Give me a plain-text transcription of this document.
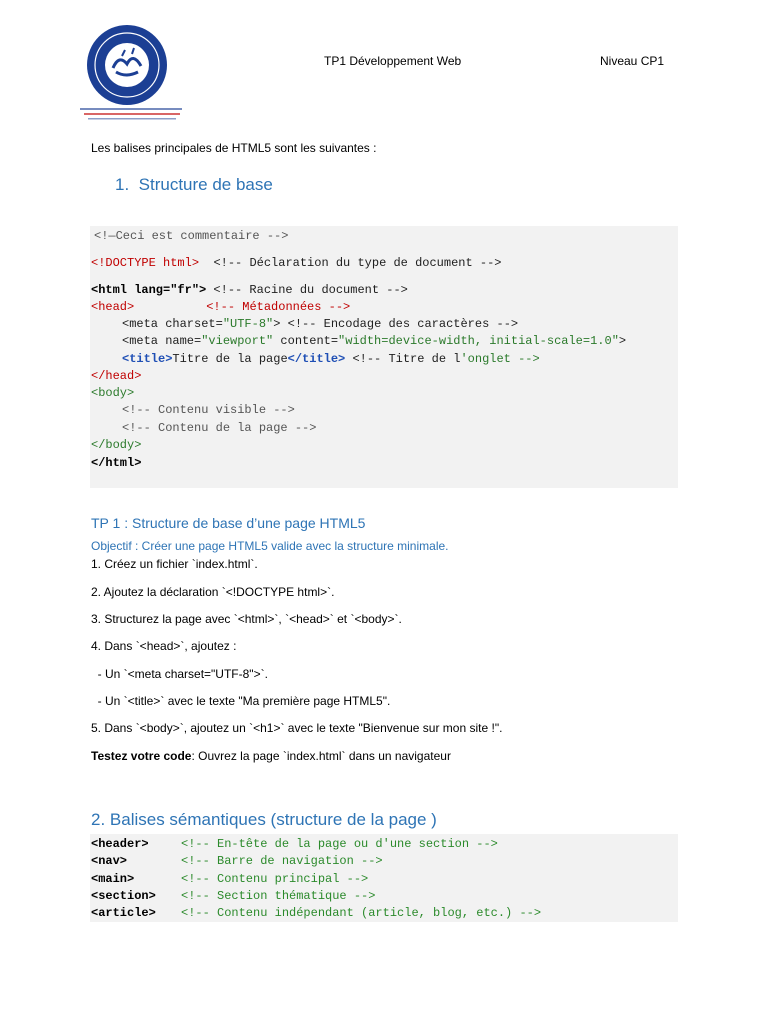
TP1 Développement Web	Niveau CP1
Les balises principales de HTML5 sont les suivantes :
1. Structure de base
<!—Ceci est commentaire -->
<!DOCTYPE html> <!-- Déclaration du type de document -->
<html lang="fr"> <!-- Racine du document -->
<head>	<!-- Métadonnées -->
<meta charset="UTF-8"> <!-- Encodage des caractères -->
<meta name="viewport" content="width=device-width, initial-scale=1.0">
<title>Titre de la page</title> <!-- Titre de l'onglet -->
</head>
<body>
<!-- Contenu visible -->
<!-- Contenu de la page -->
</body>
</html>
TP 1 : Structure de base d’une page HTML5
Objectif : Créer une page HTML5 valide avec la structure minimale.
1. Créez un fichier `index.html`.
2. Ajoutez la déclaration `<!DOCTYPE html>`.
3. Structurez la page avec `<html>`, `<head>` et `<body>`.
4. Dans `<head>`, ajoutez :
- Un `<meta charset="UTF-8">`.
- Un `<title>` avec le texte "Ma première page HTML5".
5. Dans `<body>`, ajoutez un `<h1>` avec le texte "Bienvenue sur mon site !".
Testez votre code: Ouvrez la page `index.html` dans un navigateur
2. Balises sémantiques (structure de la page )
<header>	<!-- En-tête de la page ou d'une section -->
<nav>	<!-- Barre de navigation -->
<main>	<!-- Contenu principal -->
<section> <!-- Section thématique -->
<article> <!-- Contenu indépendant (article, blog, etc.) -->
